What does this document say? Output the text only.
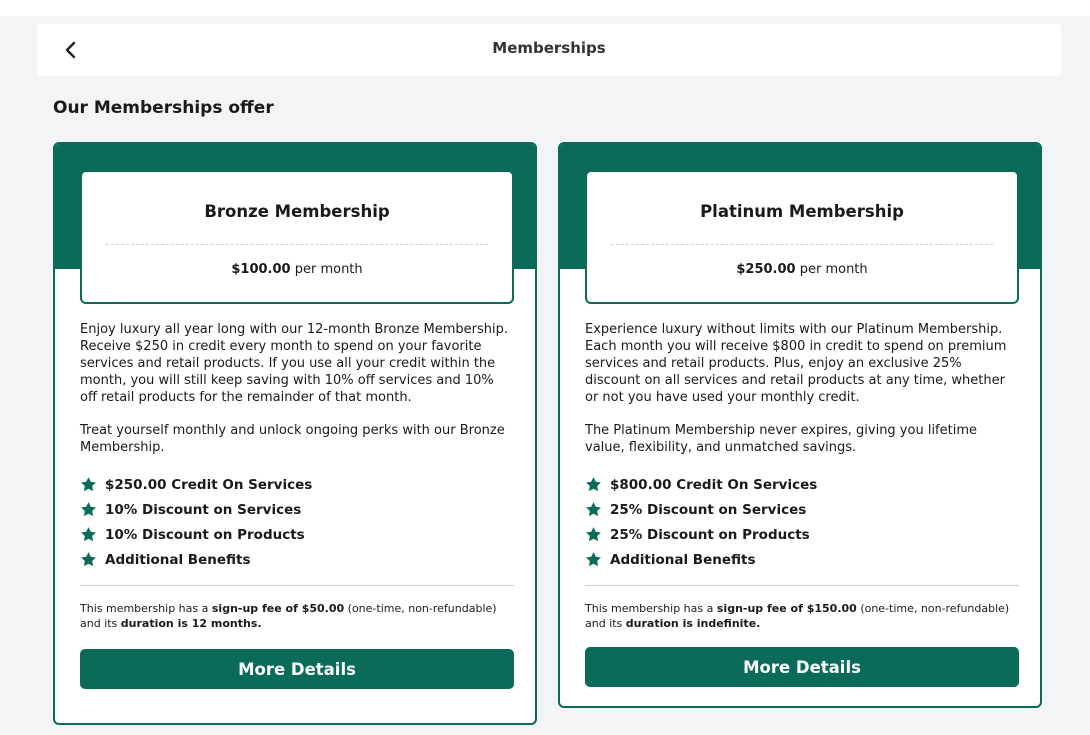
Memberships
Our Memberships offer
Bronze Membership
$100.00 per month

Enjoy luxury all year long with our 12-month Bronze Membership. Receive $250 in credit every month to spend on your favorite services and retail products. If you use all your credit within the month, you will still keep saving with 10% off services and 10% off retail products for the remainder of that month.

Treat yourself monthly and unlock ongoing perks with our Bronze Membership.

$250.00 Credit On Services
10% Discount on Services
10% Discount on Products
Additional Benefits
This membership has a sign-up fee of $50.00 (one-time, non-refundable) and its duration is 12 months.
More Details
Platinum Membership
$250.00 per month

Experience luxury without limits with our Platinum Membership. Each month you will receive $800 in credit to spend on premium services and retail products. Plus, enjoy an exclusive 25% discount on all services and retail products at any time, whether or not you have used your monthly credit.

The Platinum Membership never expires, giving you lifetime value, flexibility, and unmatched savings.

$800.00 Credit On Services
25% Discount on Services
25% Discount on Products
Additional Benefits
This membership has a sign-up fee of $150.00 (one-time, non-refundable) and its duration is indefinite.
More Details
